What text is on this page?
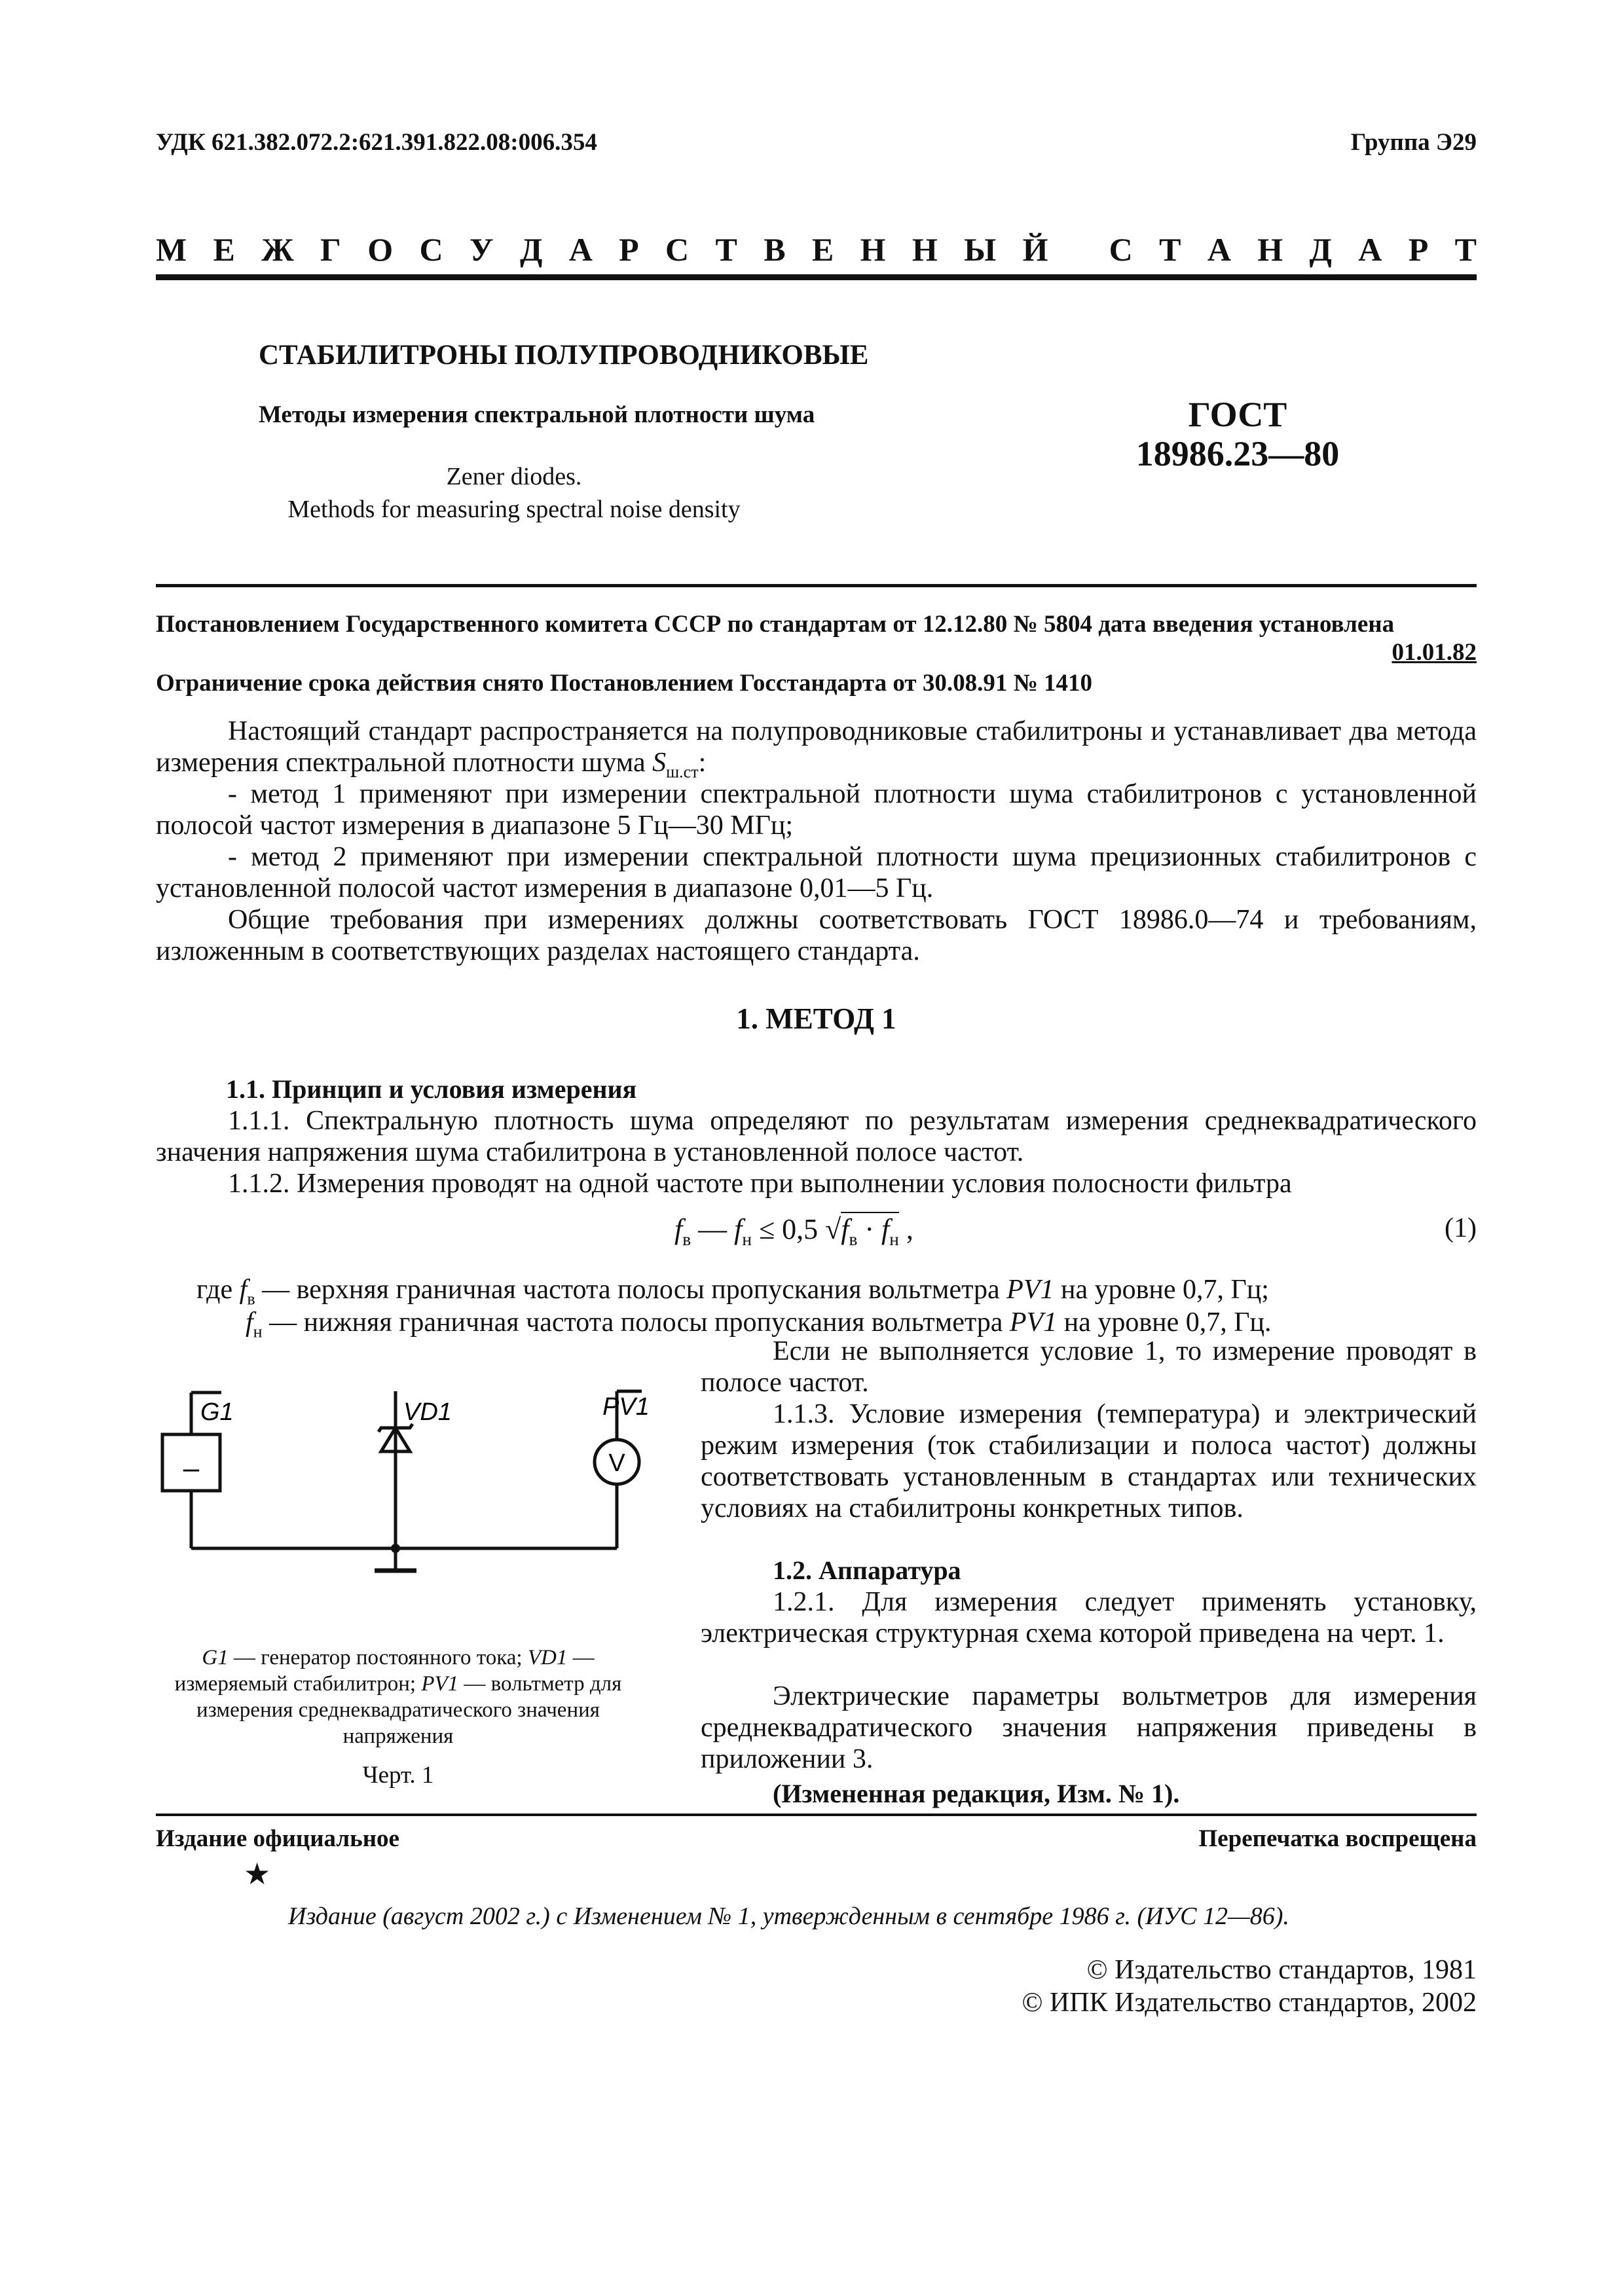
УДК 621.382.072.2:621.391.822.08:006.354	Группа Э29
М Е Ж Г О С У Д А Р С Т В Е Н Н Ы Й
С Т А Н Д А Р Т
СТАБИЛИТРОНЫ ПОЛУПРОВОДНИКОВЫЕ
Методы измерения спектральной плотности шума
Zener diodes.
Methods for measuring spectral noise density
ГОСТ
18986.23—80
Постановлением Государственного комитета СССР по стандартам от 12.12.80 № 5804 дата введения установлена
01.01.82
Ограничение срока действия снято Постановлением Госстандарта от 30.08.91 № 1410
Настоящий стандарт распространяется на полупроводниковые стабилитроны и устанавливает два метода измерения спектральной плотности шума $S_{ш.ст}$:
- метод 1 применяют при измерении спектральной плотности шума стабилитронов с установленной полосой частот измерения в диапазоне 5 Гц—30 МГц;
- метод 2 применяют при измерении спектральной плотности шума прецизионных стабилитронов с установленной полосой частот измерения в диапазоне 0,01—5 Гц.
Общие требования при измерениях должны соответствовать ГОСТ 18986.0—74 и требованиям, изложенным в соответствующих разделах настоящего стандарта.
1. МЕТОД 1
1.1. Принцип и условия измерения
1.1.1. Спектральную плотность шума определяют по результатам измерения среднеквадратического значения напряжения шума стабилитрона в установленной полосе частот.
1.1.2. Измерения проводят на одной частоте при выполнении условия полосности фильтра
$f_в$ — $f_н \le 0,5$ $√f_в \cdot f_н$ ,	(1)
где $f_в$ — верхняя граничная частота полосы пропускания вольтметра PV1 на уровне 0,7, Гц;
$f_н$ — нижняя граничная частота полосы пропускания вольтметра PV1 на уровне 0,7, Гц.
G1	VD1	PV1
–	V
G1 — генератор постоянного тока; VD1 — измеряемый стабилитрон; PV1 — вольтметр для измерения среднеквадратического значения напряжения
Черт. 1
Если не выполняется условие 1, то измерение проводят в полосе частот.
1.1.3. Условие измерения (температура) и электрический режим измерения (ток стабилизации и полоса частот) должны соответствовать установленным в стандартах или технических условиях на стабилитроны конкретных типов.
1.2. Аппаратура
1.2.1. Для измерения следует применять установку, электрическая структурная схема которой приведена на черт. 1.
Электрические параметры вольтметров для измерения среднеквадратического значения напряжения приведены в приложении 3.
(Измененная редакция, Изм. № 1).
Издание официальное	Перепечатка воспрещена
★
Издание (август 2002 г.) с Изменением № 1, утвержденным в сентябре 1986 г. (ИУС 12—86).
© Издательство стандартов, 1981
© ИПК Издательство стандартов, 2002
